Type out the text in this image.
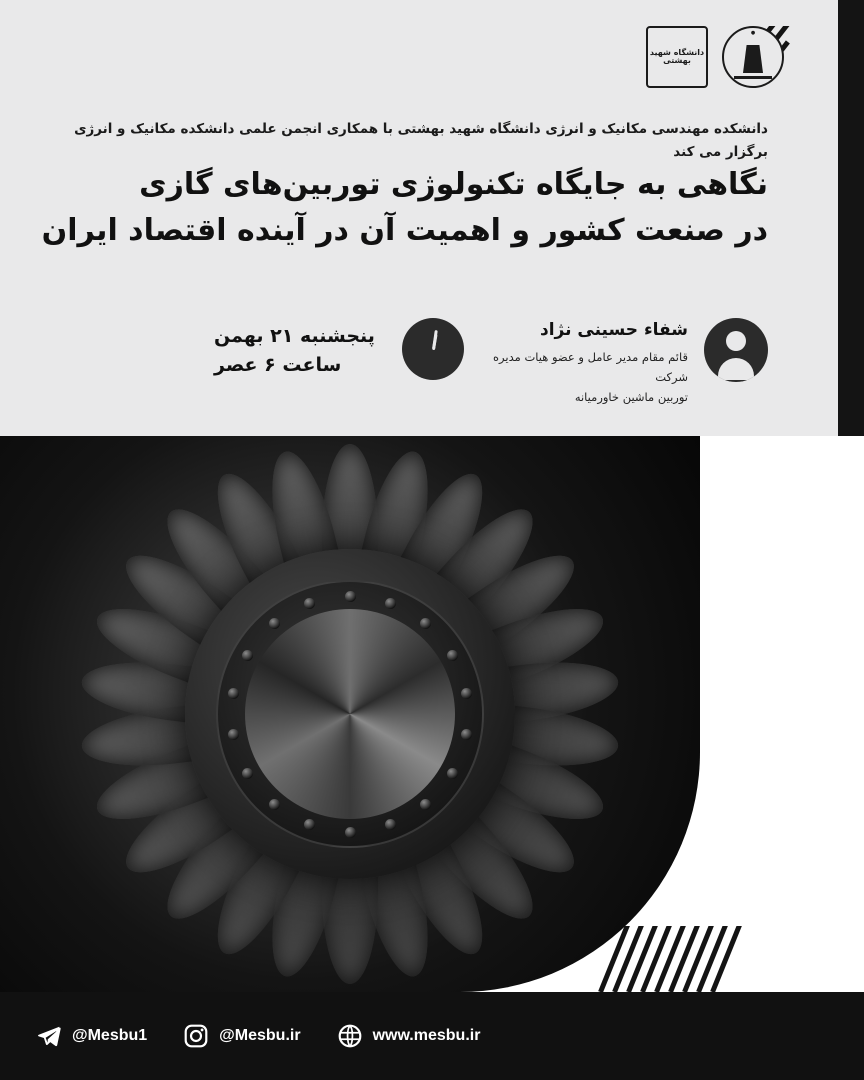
دانشگاه شهید بهشتی
●
دانشکده مهندسی مکانیک و انرژی دانشگاه شهید بهشتی با همکاری انجمن علمی دانشکده مکانیک و انرژی برگزار می کند
نگاهی به جایگاه تکنولوژی توربین‌های گازی
در صنعت کشور و اهمیت آن در آینده اقتصاد ایران
شفاء حسینی نژاد
قائم مقام مدیر عامل و عضو هیات مدیره شرکت
توربین ماشین خاورمیانه
پنجشنبه ۲۱ بهمن
ساعت ۶ عصر
@Mesbu1	@Mesbu.ir	www.mesbu.ir
